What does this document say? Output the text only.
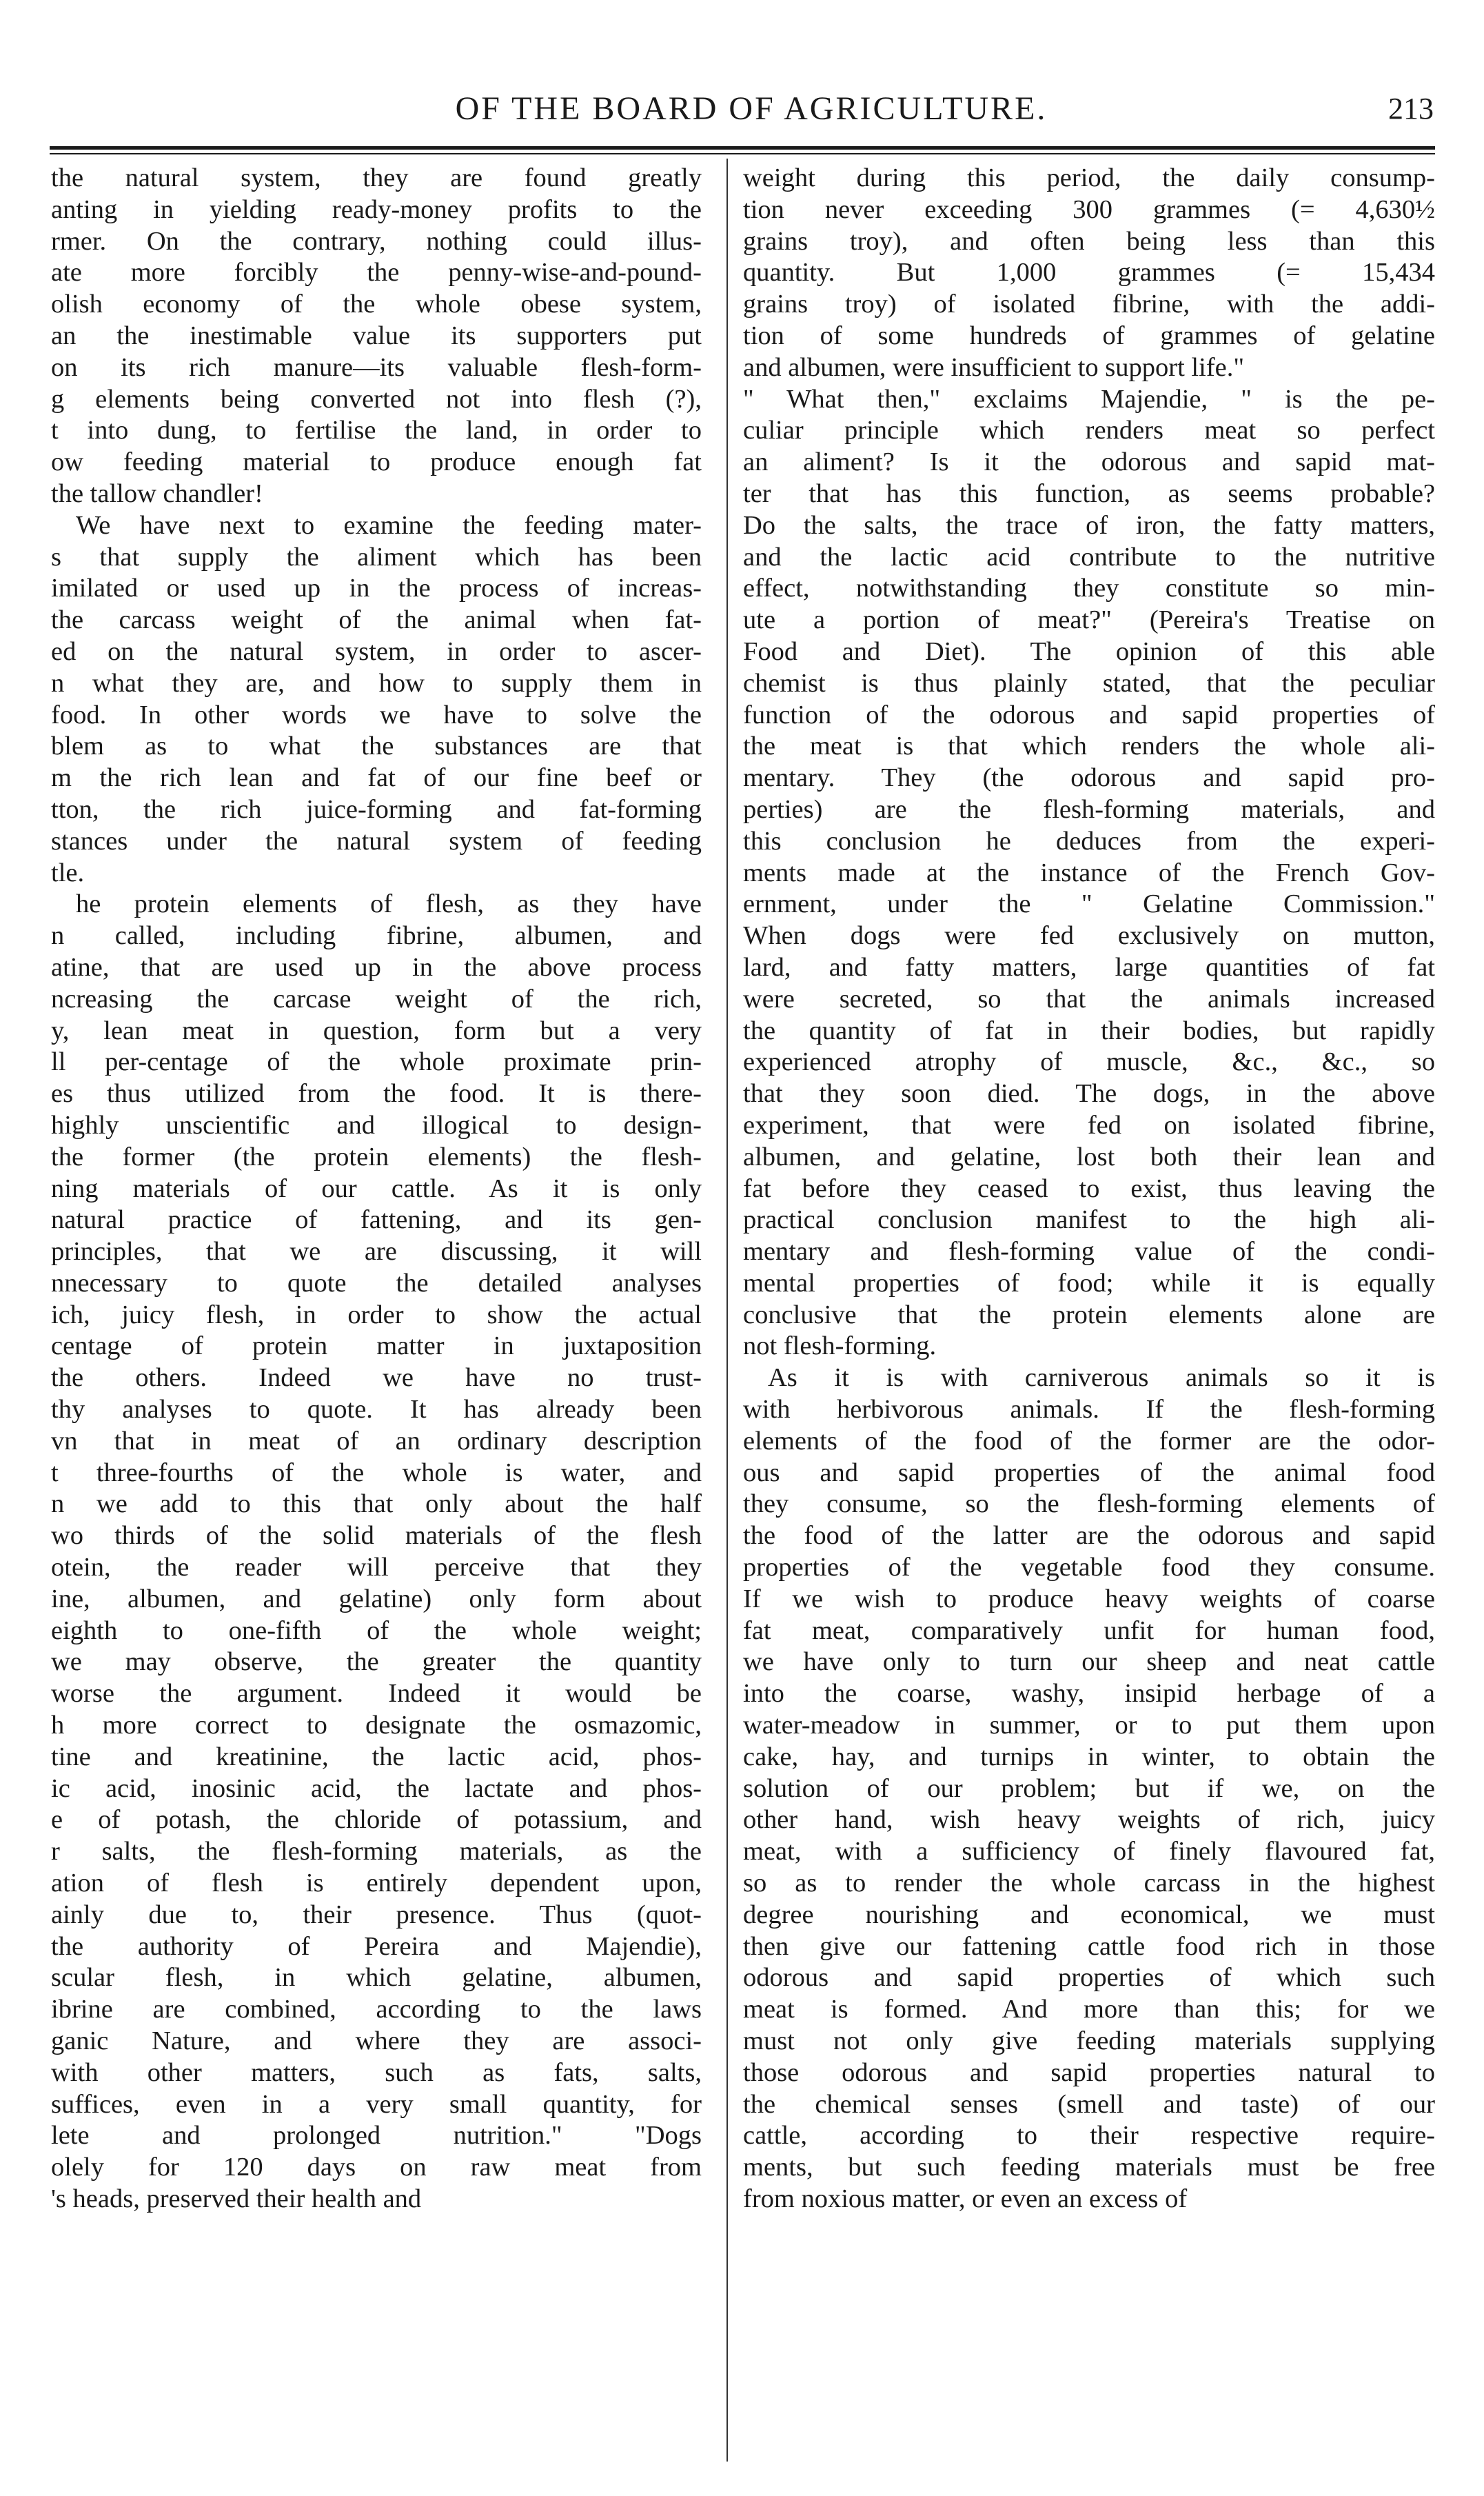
OF THE BOARD OF AGRICULTURE.	213
the natural system, they are found greatly
anting in yielding ready-money profits to the
rmer. On the contrary, nothing could illus-
ate more forcibly the penny-wise-and-pound-
olish economy of the whole obese system,
an the inestimable value its supporters put
on its rich manure—its valuable flesh-form-
g elements being converted not into flesh (?),
t into dung, to fertilise the land, in order to
ow feeding material to produce enough fat
the tallow chandler!
We have next to examine the feeding mater-
s that supply the aliment which has been
imilated or used up in the process of increas-
the carcass weight of the animal when fat-
ed on the natural system, in order to ascer-
n what they are, and how to supply them in
food. In other words we have to solve the
blem as to what the substances are that
m the rich lean and fat of our fine beef or
tton, the rich juice-forming and fat-forming
stances under the natural system of feeding
tle.
he protein elements of flesh, as they have
n called, including fibrine, albumen, and
atine, that are used up in the above process
ncreasing the carcase weight of the rich,
y, lean meat in question, form but a very
ll per-centage of the whole proximate prin-
es thus utilized from the food. It is there-
highly unscientific and illogical to design-
the former (the protein elements) the flesh-
ning materials of our cattle. As it is only
natural practice of fattening, and its gen-
principles, that we are discussing, it will
nnecessary to quote the detailed analyses
ich, juicy flesh, in order to show the actual
centage of protein matter in juxtaposition
the others. Indeed we have no trust-
thy analyses to quote. It has already been
vn that in meat of an ordinary description
t three-fourths of the whole is water, and
n we add to this that only about the half
wo thirds of the solid materials of the flesh
otein, the reader will perceive that they
ine, albumen, and gelatine) only form about
eighth to one-fifth of the whole weight;
we may observe, the greater the quantity
worse the argument. Indeed it would be
h more correct to designate the osmazomic,
tine and kreatinine, the lactic acid, phos-
ic acid, inosinic acid, the lactate and phos-
e of potash, the chloride of potassium, and
r salts, the flesh-forming materials, as the
ation of flesh is entirely dependent upon,
ainly due to, their presence. Thus (quot-
the authority of Pereira and Majendie),
scular flesh, in which gelatine, albumen,
ibrine are combined, according to the laws
ganic Nature, and where they are associ-
with other matters, such as fats, salts,
suffices, even in a very small quantity, for
lete and prolonged nutrition." "Dogs
olely for 120 days on raw meat from
's heads, preserved their health and
weight during this period, the daily consump-
tion never exceeding 300 grammes (= 4,630½
grains troy), and often being less than this
quantity. But 1,000 grammes (= 15,434
grains troy) of isolated fibrine, with the addi-
tion of some hundreds of grammes of gelatine
and albumen, were insufficient to support life."
" What then," exclaims Majendie, " is the pe-
culiar principle which renders meat so perfect
an aliment? Is it the odorous and sapid mat-
ter that has this function, as seems probable?
Do the salts, the trace of iron, the fatty matters,
and the lactic acid contribute to the nutritive
effect, notwithstanding they constitute so min-
ute a portion of meat?" (Pereira's Treatise on
Food and Diet). The opinion of this able
chemist is thus plainly stated, that the peculiar
function of the odorous and sapid properties of
the meat is that which renders the whole ali-
mentary. They (the odorous and sapid pro-
perties) are the flesh-forming materials, and
this conclusion he deduces from the experi-
ments made at the instance of the French Gov-
ernment, under the " Gelatine Commission."
When dogs were fed exclusively on mutton,
lard, and fatty matters, large quantities of fat
were secreted, so that the animals increased
the quantity of fat in their bodies, but rapidly
experienced atrophy of muscle, &c., &c., so
that they soon died. The dogs, in the above
experiment, that were fed on isolated fibrine,
albumen, and gelatine, lost both their lean and
fat before they ceased to exist, thus leaving the
practical conclusion manifest to the high ali-
mentary and flesh-forming value of the condi-
mental properties of food; while it is equally
conclusive that the protein elements alone are
not flesh-forming.
As it is with carniverous animals so it is
with herbivorous animals. If the flesh-forming
elements of the food of the former are the odor-
ous and sapid properties of the animal food
they consume, so the flesh-forming elements of
the food of the latter are the odorous and sapid
properties of the vegetable food they consume.
If we wish to produce heavy weights of coarse
fat meat, comparatively unfit for human food,
we have only to turn our sheep and neat cattle
into the coarse, washy, insipid herbage of a
water-meadow in summer, or to put them upon
cake, hay, and turnips in winter, to obtain the
solution of our problem; but if we, on the
other hand, wish heavy weights of rich, juicy
meat, with a sufficiency of finely flavoured fat,
so as to render the whole carcass in the highest
degree nourishing and economical, we must
then give our fattening cattle food rich in those
odorous and sapid properties of which such
meat is formed. And more than this; for we
must not only give feeding materials supplying
those odorous and sapid properties natural to
the chemical senses (smell and taste) of our
cattle, according to their respective require-
ments, but such feeding materials must be free
from noxious matter, or even an excess of
